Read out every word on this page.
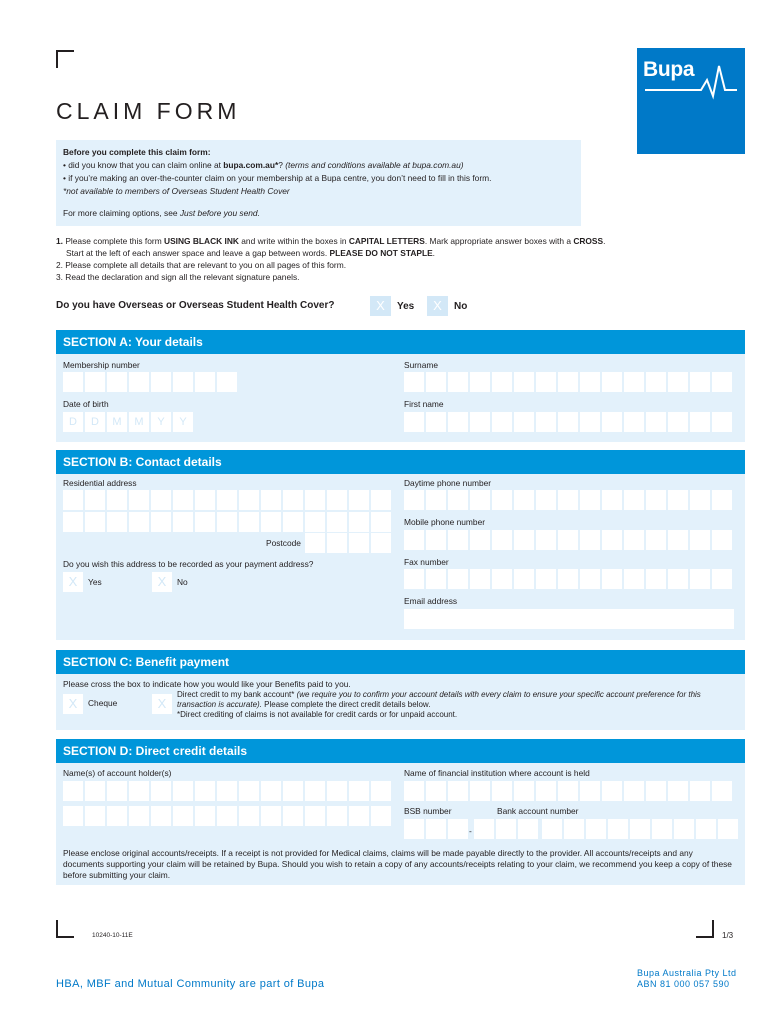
Bupa
CLAIM FORM
Before you complete this claim form:
• did you know that you can claim online at bupa.com.au*? (terms and conditions available at bupa.com.au)
• if you’re making an over-the-counter claim on your membership at a Bupa centre, you don’t need to fill in this form.
*not available to members of Overseas Student Health Cover
For more claiming options, see Just before you send.
1. Please complete this form USING BLACK INK and write within the boxes in CAPITAL LETTERS. Mark appropriate answer boxes with a CROSS.
Start at the left of each answer space and leave a gap between words. PLEASE DO NOT STAPLE.
2. Please complete all details that are relevant to you on all pages of this form.
3. Read the declaration and sign all the relevant signature panels.
Do you have Overseas or Overseas Student Health Cover?	X	Yes	X	No
SECTION A: Your details
Membership number	Surname
Date of birth
D	D	M	M	Y	Y
First name
SECTION B: Contact details
Residential address
Postcode
Do you wish this address to be recorded as your payment address?
X	Yes	X	No
Daytime phone number
Mobile phone number
Fax number
Email address
SECTION C: Benefit payment
Please cross the box to indicate how you would like your Benefits paid to you.
X	Cheque	X
Direct credit to my bank account* (we require you to confirm your account details with every claim to ensure your specific account preference for this transaction is accurate). Please complete the direct credit details below.
*Direct crediting of claims is not available for credit cards or for unpaid account.
SECTION D: Direct credit details
Name(s) of account holder(s)	Name of financial institution where account is held
BSB number
-
Bank account number
Please enclose original accounts/receipts. If a receipt is not provided for Medical claims, claims will be made payable directly to the provider. All accounts/receipts and any documents supporting your claim will be retained by Bupa. Should you wish to retain a copy of any accounts/receipts relating to your claim, we recommend you keep a copy of these before submitting your claim.
10240-10-11E	1/3
HBA, MBF and Mutual Community are part of Bupa
Bupa Australia Pty Ltd
ABN 81 000 057 590
